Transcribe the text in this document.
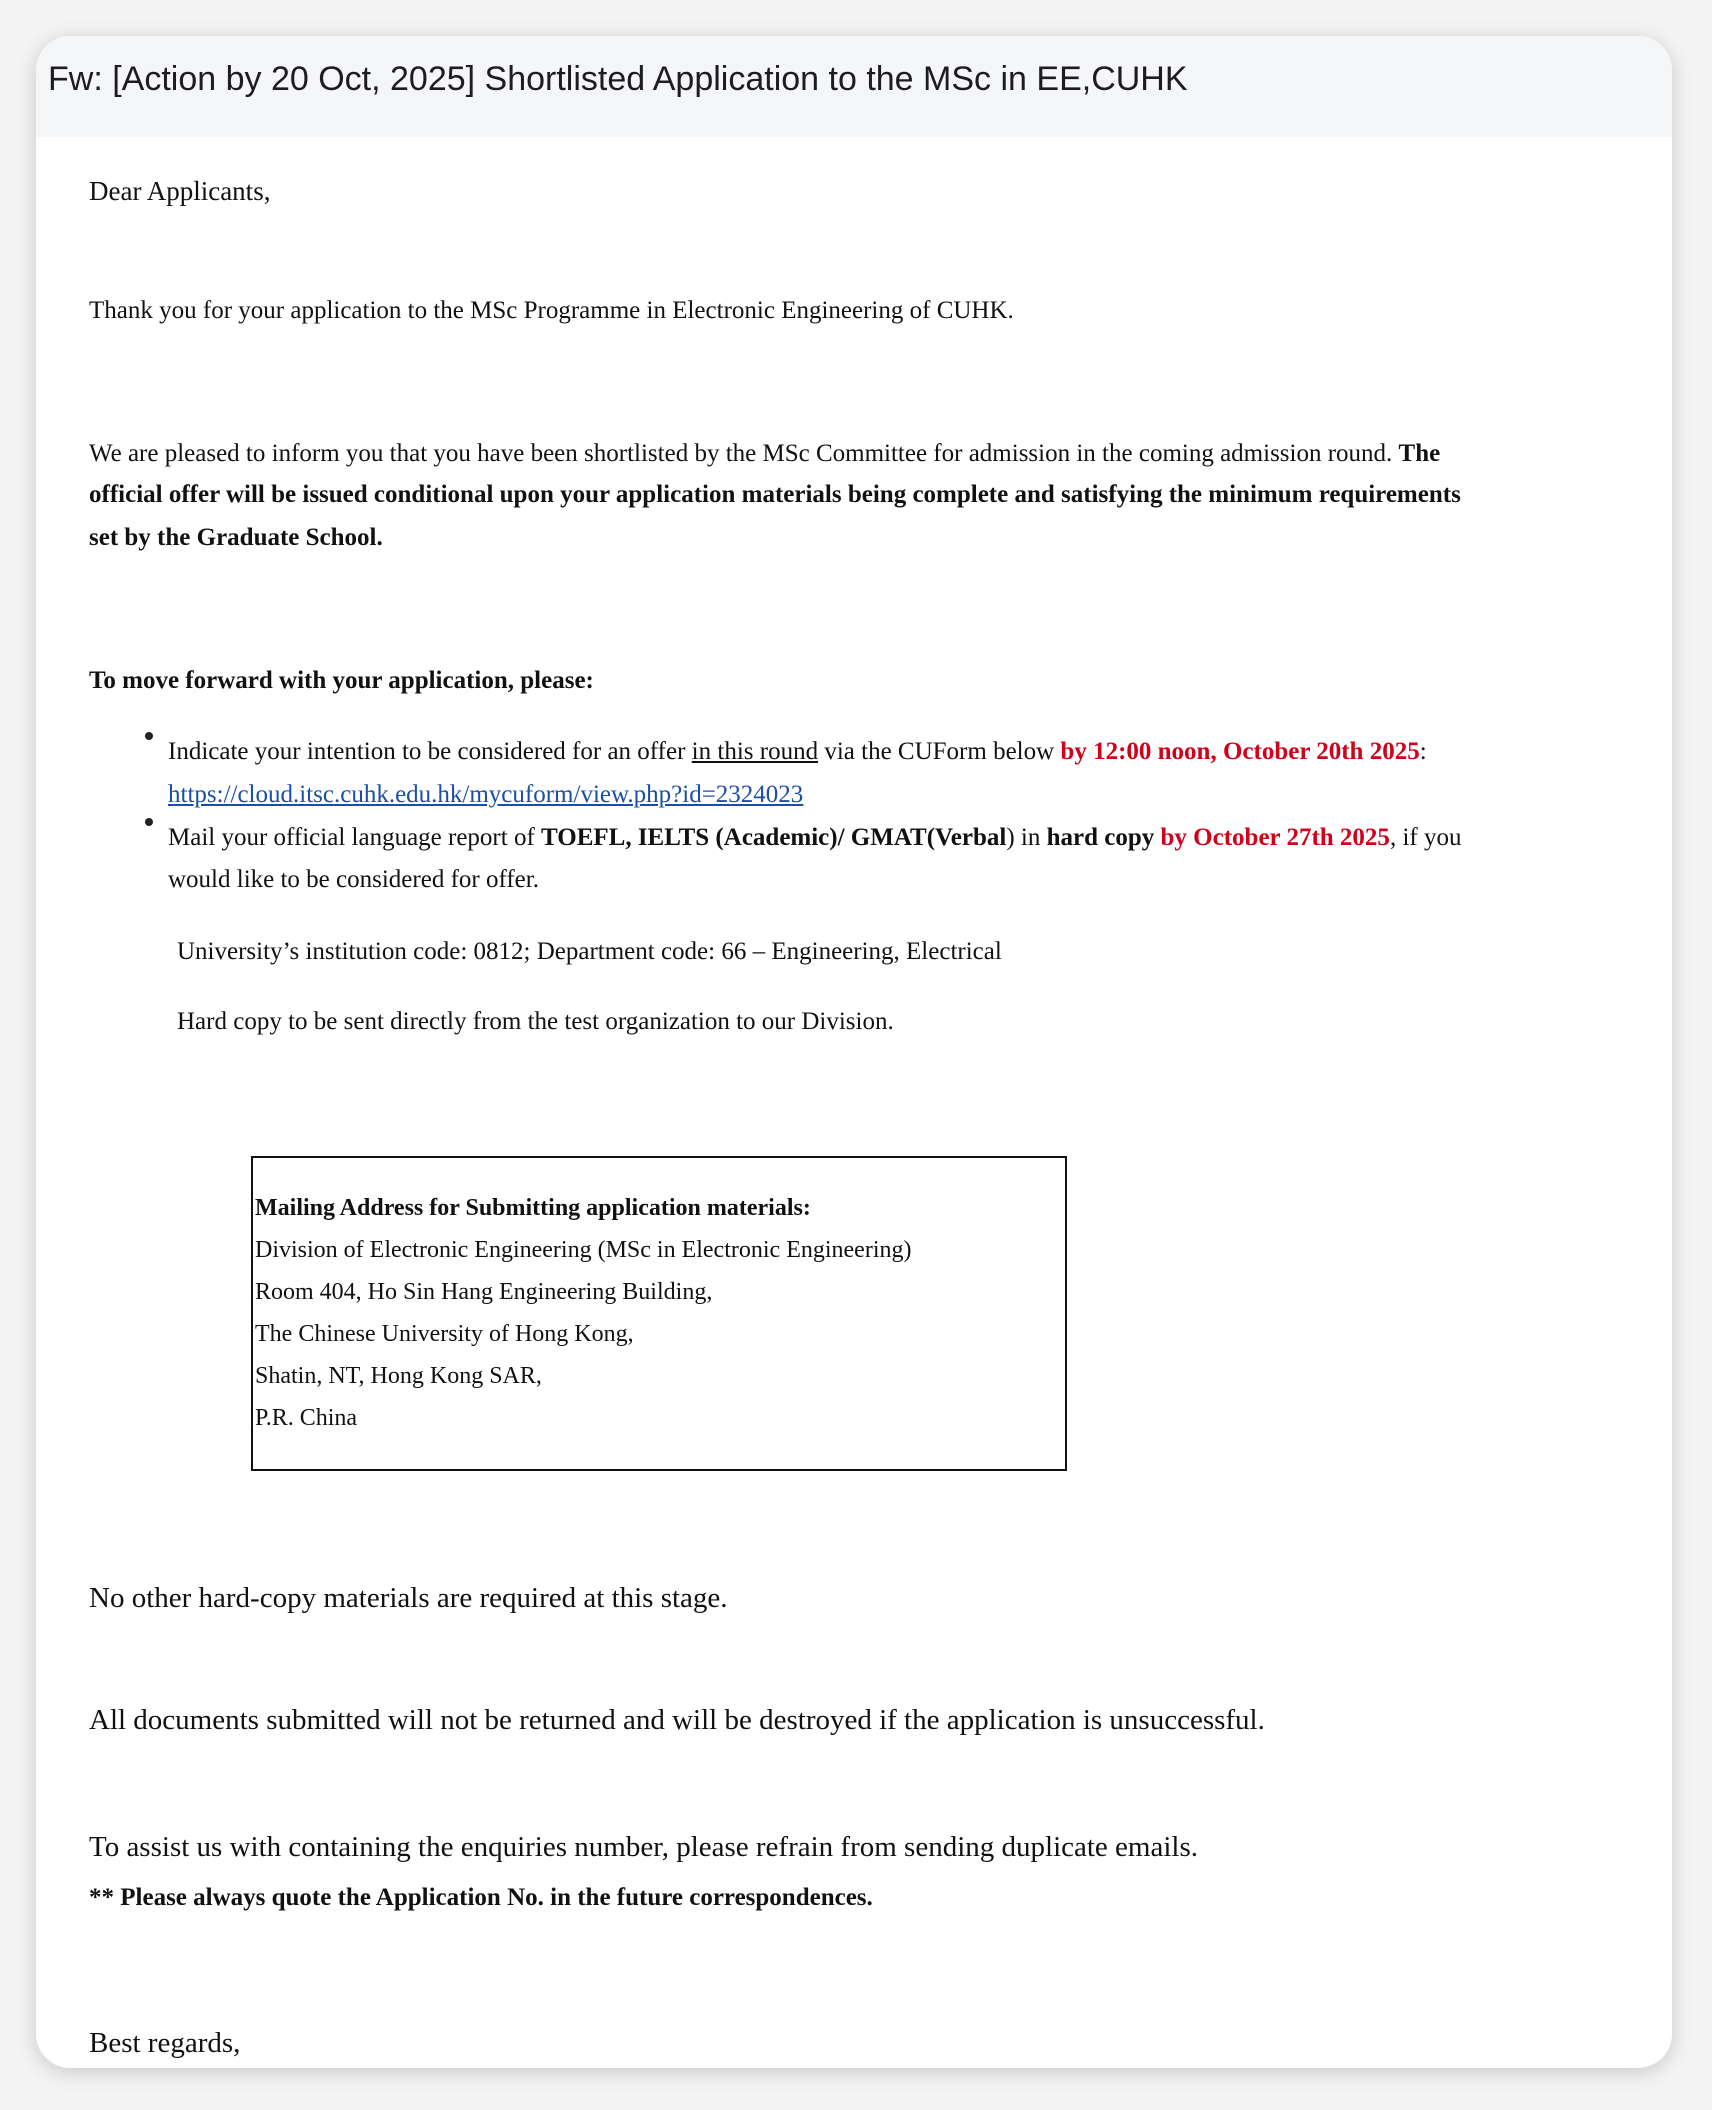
Fw: [Action by 20 Oct, 2025] Shortlisted Application to the MSc in EE,CUHK
Dear Applicants,
Thank you for your application to the MSc Programme in Electronic Engineering of CUHK.
We are pleased to inform you that you have been shortlisted by the MSc Committee for admission in the coming admission round. The
official offer will be issued conditional upon your application materials being complete and satisfying the minimum requirements
set by the Graduate School.
To move forward with your application, please:
Indicate your intention to be considered for an offer in this round via the CUForm below by 12:00 noon, October 20th 2025:
https://cloud.itsc.cuhk.edu.hk/mycuform/view.php?id=2324023
Mail your official language report of TOEFL, IELTS (Academic)/ GMAT(Verbal) in hard copy by October 27th 2025, if you
would like to be considered for offer.
University’s institution code: 0812; Department code: 66 – Engineering, Electrical
Hard copy to be sent directly from the test organization to our Division.
Mailing Address for Submitting application materials:
Division of Electronic Engineering (MSc in Electronic Engineering)
Room 404, Ho Sin Hang Engineering Building,
The Chinese University of Hong Kong,
Shatin, NT, Hong Kong SAR,
P.R. China
No other hard-copy materials are required at this stage.
All documents submitted will not be returned and will be destroyed if the application is unsuccessful.
To assist us with containing the enquiries number, please refrain from sending duplicate emails.
** Please always quote the Application No. in the future correspondences.
Best regards,
